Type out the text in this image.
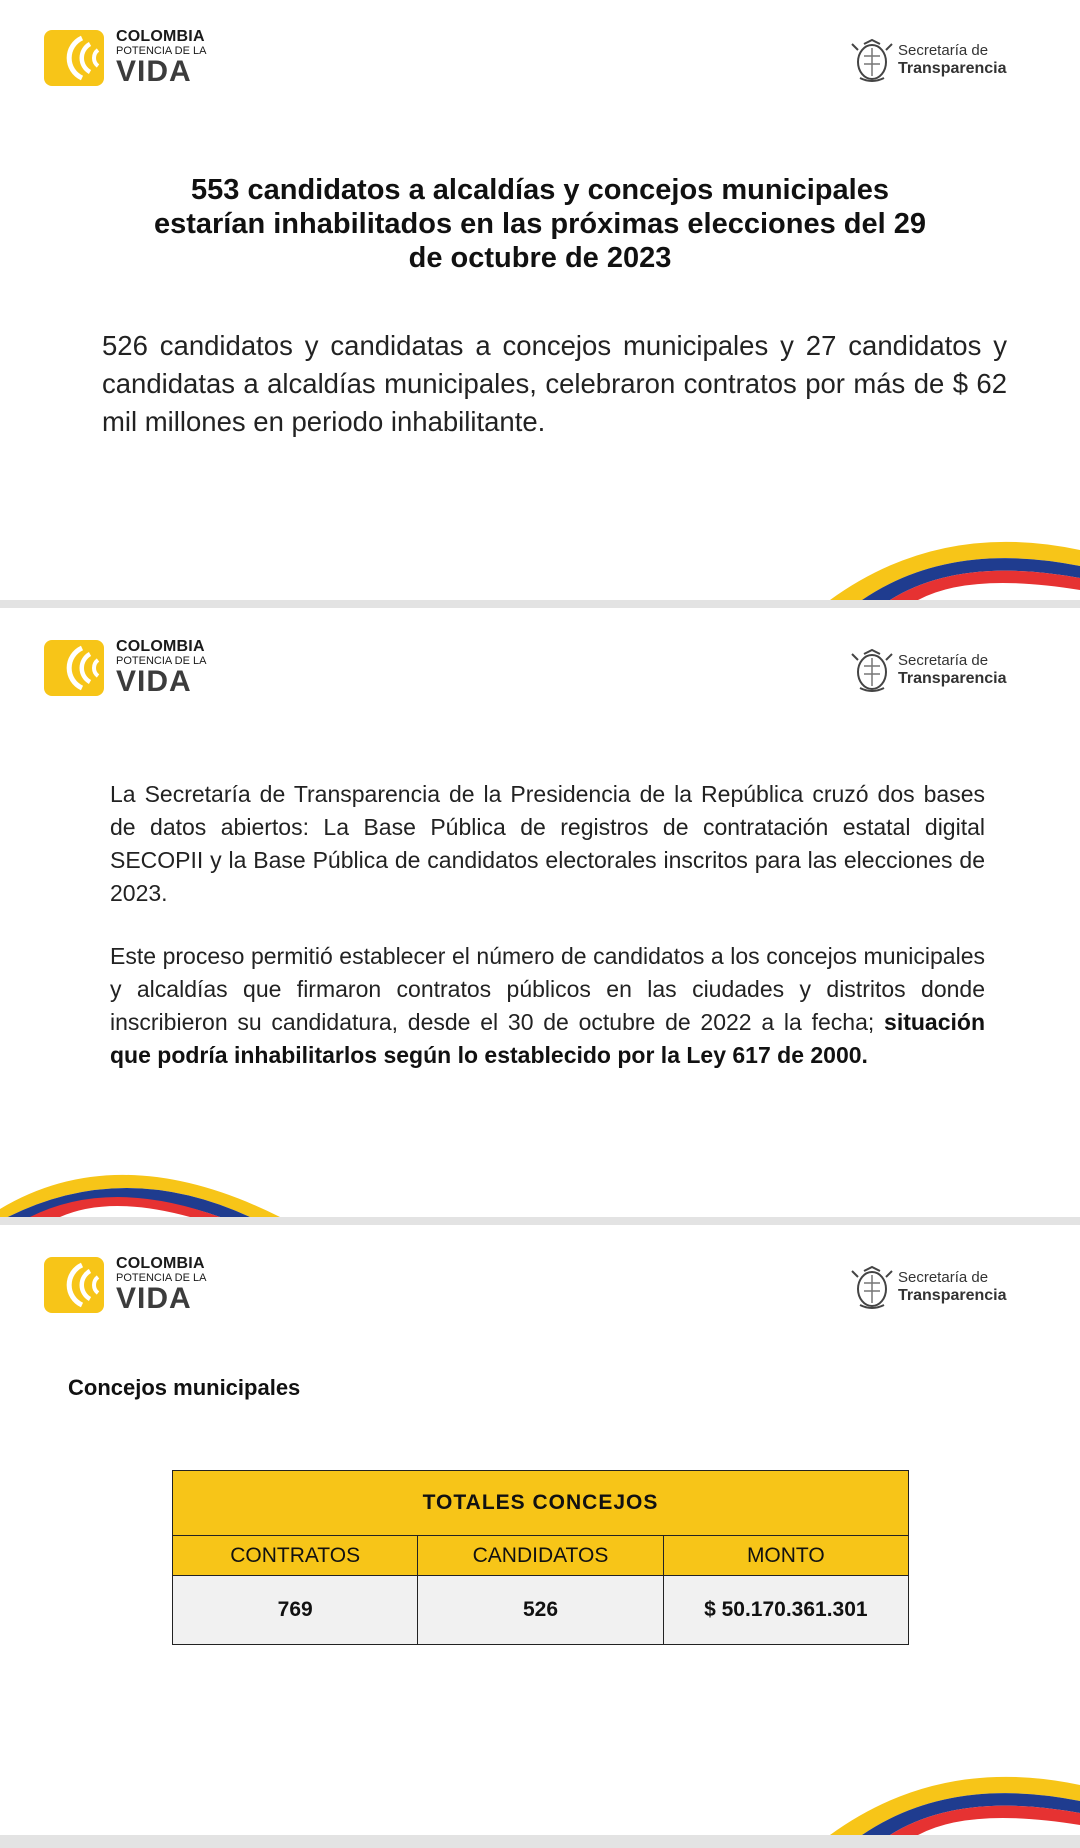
COLOMBIA
POTENCIA DE LA
VIDA
Secretaría de
Transparencia
553 candidatos a alcaldías y concejos municipales
estarían inhabilitados en las próximas elecciones del 29
de octubre de 2023
526 candidatos y candidatas a concejos municipales y 27 candidatos y candidatas a alcaldías municipales, celebraron contratos por más de $ 62 mil millones en periodo inhabilitante.
COLOMBIA
POTENCIA DE LA
VIDA
Secretaría de
Transparencia
La Secretaría de Transparencia de la Presidencia de la República cruzó dos bases de datos abiertos: La Base Pública de registros de contratación estatal digital SECOPII y la Base Pública de candidatos electorales inscritos para las elecciones de 2023.
Este proceso permitió establecer el número de candidatos a los concejos municipales y alcaldías que firmaron contratos públicos en las ciudades y distritos donde inscribieron su candidatura, desde el 30 de octubre de 2022 a la fecha; situación que podría inhabilitarlos según lo establecido por la Ley 617 de 2000.
COLOMBIA
POTENCIA DE LA
VIDA
Secretaría de
Transparencia
Concejos municipales
TOTALES CONCEJOS		
CONTRATOS	CANDIDATOS	MONTO
769	526	$ 50.170.361.301
